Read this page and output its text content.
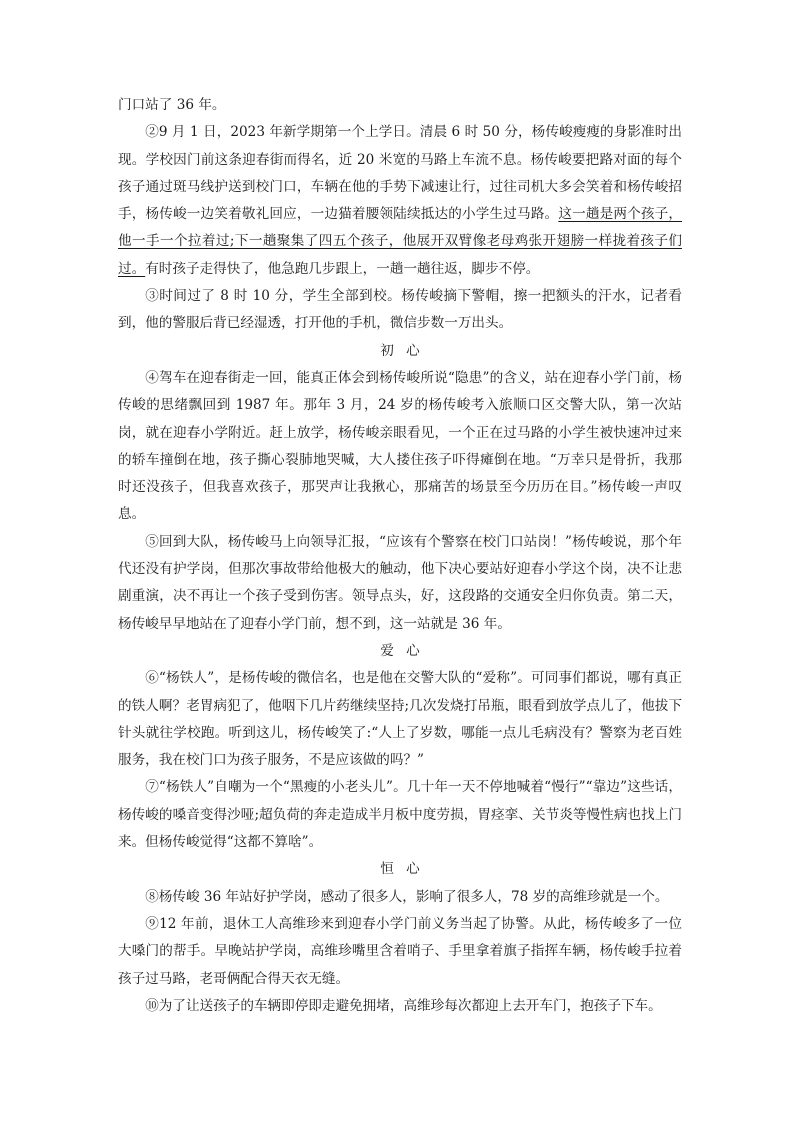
门口站了 36 年。

②9 月 1 日，2023 年新学期第一个上学日。清晨 6 时 50 分，杨传峻瘦瘦的身影准时出现。学校因门前这条迎春街而得名，近 20 米宽的马路上车流不息。杨传峻要把路对面的每个孩子通过斑马线护送到校门口，车辆在他的手势下减速让行，过往司机大多会笑着和杨传峻招手，杨传峻一边笑着敬礼回应，一边猫着腰领陆续抵达的小学生过马路。这一趟是两个孩子，他一手一个拉着过;下一趟聚集了四五个孩子，他展开双臂像老母鸡张开翅膀一样拢着孩子们过。有时孩子走得快了，他急跑几步跟上，一趟一趟往返，脚步不停。

③时间过了 8 时 10 分，学生全部到校。杨传峻摘下警帽，擦一把额头的汗水，记者看到，他的警服后背已经湿透，打开他的手机，微信步数一万出头。

初心

④驾车在迎春街走一回，能真正体会到杨传峻所说“隐患”的含义，站在迎春小学门前，杨传峻的思绪飘回到 1987 年。那年 3 月，24 岁的杨传峻考入旅顺口区交警大队，第一次站岗，就在迎春小学附近。赶上放学，杨传峻亲眼看见，一个正在过马路的小学生被快速冲过来的轿车撞倒在地，孩子撕心裂肺地哭喊，大人搂住孩子吓得瘫倒在地。“万幸只是骨折，我那时还没孩子，但我喜欢孩子，那哭声让我揪心，那痛苦的场景至今历历在目。”杨传峻一声叹息。

⑤回到大队，杨传峻马上向领导汇报，“应该有个警察在校门口站岗！”杨传峻说，那个年代还没有护学岗，但那次事故带给他极大的触动，他下决心要站好迎春小学这个岗，决不让悲剧重演，决不再让一个孩子受到伤害。领导点头，好，这段路的交通安全归你负责。第二天，杨传峻早早地站在了迎春小学门前，想不到，这一站就是 36 年。

爱心

⑥“杨铁人”，是杨传峻的微信名，也是他在交警大队的“爱称”。可同事们都说，哪有真正的铁人啊？老胃病犯了，他咽下几片药继续坚持;几次发烧打吊瓶，眼看到放学点儿了，他拔下针头就往学校跑。听到这儿，杨传峻笑了:“人上了岁数，哪能一点儿毛病没有？警察为老百姓服务，我在校门口为孩子服务，不是应该做的吗？”

⑦“杨铁人”自嘲为一个“黑瘦的小老头儿”。几十年一天不停地喊着“慢行”“靠边”这些话，杨传峻的嗓音变得沙哑;超负荷的奔走造成半月板中度劳损，胃痉挛、关节炎等慢性病也找上门来。但杨传峻觉得“这都不算啥”。

恒心

⑧杨传峻 36 年站好护学岗，感动了很多人，影响了很多人，78 岁的高维珍就是一个。

⑨12 年前，退休工人高维珍来到迎春小学门前义务当起了协警。从此，杨传峻多了一位大嗓门的帮手。早晚站护学岗，高维珍嘴里含着哨子、手里拿着旗子指挥车辆，杨传峻手拉着孩子过马路，老哥俩配合得天衣无缝。

⑩为了让送孩子的车辆即停即走避免拥堵，高维珍每次都迎上去开车门，抱孩子下车。
